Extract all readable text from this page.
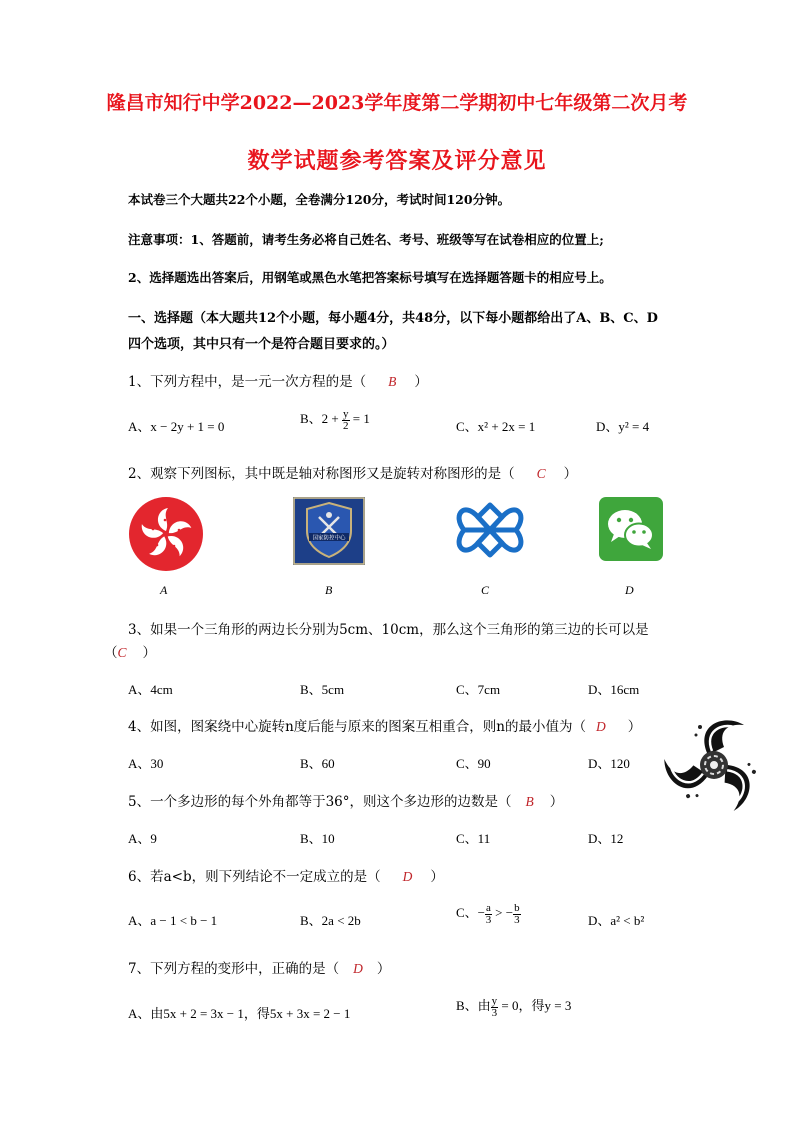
隆昌市知行中学2022—2023学年度第二学期初中七年级第二次月考
数学试题参考答案及评分意见
本试卷三个大题共22个小题，全卷满分120分，考试时间120分钟。
注意事项：1、答题前，请考生务必将自己姓名、考号、班级等写在试卷相应的位置上;
2、选择题选出答案后，用钢笔或黑色水笔把答案标号填写在选择题答题卡的相应号上。
一、选择题（本大题共12个小题，每小题4分，共48分，以下每小题都给出了A、B、C、D
四个选项，其中只有一个是符合题目要求的。）
1、下列方程中，是一元一次方程的是（ B ）
A、x − 2y + 1 = 0
B、$2 + \frac{y}{2} = 1$
C、x² + 2x = 1	D、y² = 4
2、观察下列图标，其中既是轴对称图形又是旋转对称图形的是（ C ）
国家防控中心
A	B	C	D
3、如果一个三角形的两边长分别为5cm、10cm，那么这个三角形的第三边的长可以是
（C ）
A、4cm	B、5cm	C、7cm	D、16cm
4、如图，图案绕中心旋转n度后能与原来的图案互相重合，则n的最小值为（ D ）
A、30	B、60	C、90	D、120
5、一个多边形的每个外角都等于36°，则这个多边形的边数是（ B ）
A、9	B、10	C、11	D、12
6、若a<b，则下列结论不一定成立的是（ D ）
A、a − 1 < b − 1	B、2a < 2b
C、− $\frac{a}{3}$ > − $\frac{b}{3}$	D、a² < b²
7、下列方程的变形中，正确的是（ D ）
A、由5x + 2 = 3x − 1，得5x + 3x = 2 − 1
B、由 $\frac{y}{3} = 0$，得y = 3
